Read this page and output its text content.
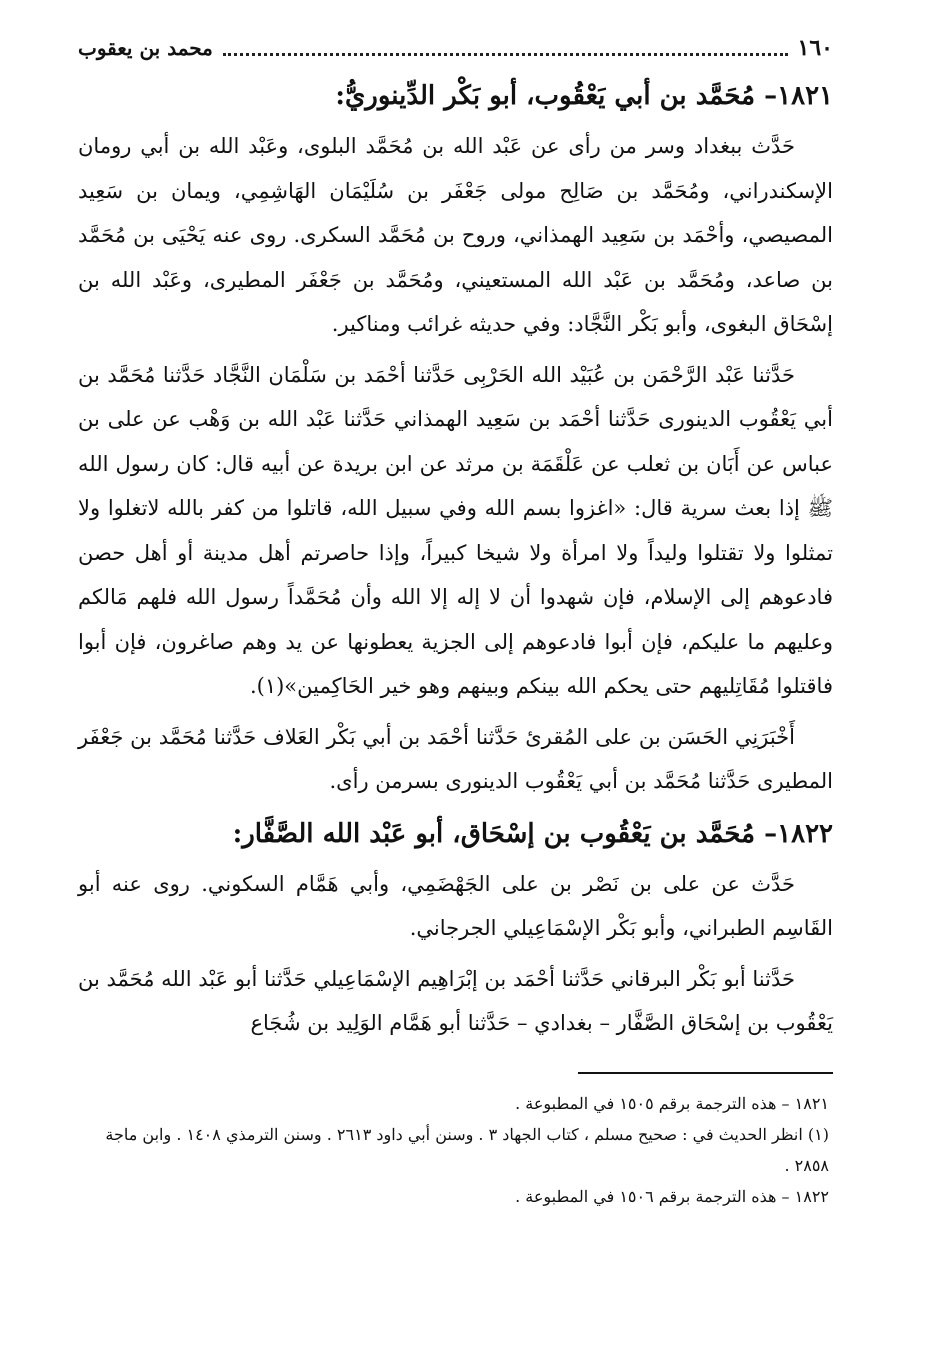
١٦٠
محمد بن يعقوب
١٨٢١– مُحَمَّد بن أبي يَعْقُوب، أبو بَكْر الدِّينوريُّ:

حَدَّث ببغداد وسر من رأى عن عَبْد الله بن مُحَمَّد البلوى، وعَبْد الله بن أبي رومان الإسكندراني، ومُحَمَّد بن صَالِح مولى جَعْفَر بن سُلَيْمَان الهَاشِمِي، ويمان بن سَعِيد المصيصي، وأحْمَد بن سَعِيد الهمذاني، وروح بن مُحَمَّد السكرى. روى عنه يَحْيَى بن مُحَمَّد بن صاعد، ومُحَمَّد بن عَبْد الله المستعيني، ومُحَمَّد بن جَعْفَر المطيرى، وعَبْد الله بن إسْحَاق البغوى، وأبو بَكْر النَّجَّاد: وفي حديثه غرائب ومناكير.

حَدَّثنا عَبْد الرَّحْمَن بن عُبَيْد الله الحَرْبِى حَدَّثنا أحْمَد بن سَلْمَان النَّجَّاد حَدَّثنا مُحَمَّد بن أبي يَعْقُوب الدينورى حَدَّثنا أحْمَد بن سَعِيد الهمذاني حَدَّثنا عَبْد الله بن وَهْب عن على بن عباس عن أَبَان بن ثعلب عن عَلْقَمَة بن مرثد عن ابن بريدة عن أبيه قال: كان رسول الله ﷺ إذا بعث سرية قال: «اغزوا بسم الله وفي سبيل الله، قاتلوا من كفر بالله لاتغلوا ولا تمثلوا ولا تقتلوا وليداً ولا امرأة ولا شيخا كبيراً، وإذا حاصرتم أهل مدينة أو أهل حصن فادعوهم إلى الإسلام، فإن شهدوا أن لا إله إلا الله وأن مُحَمَّداً رسول الله فلهم مَالكم وعليهم ما عليكم، فإن أبوا فادعوهم إلى الجزية يعطونها عن يد وهم صاغرون، فإن أبوا فاقتلوا مُقَاتِليهم حتى يحكم الله بينكم وبينهم وهو خير الحَاكِمين»(١).

أَخْبَرَنِي الحَسَن بن على المُقرئ حَدَّثنا أحْمَد بن أبي بَكْر العَلاف حَدَّثنا مُحَمَّد بن جَعْفَر المطيرى حَدَّثنا مُحَمَّد بن أبي يَعْقُوب الدينورى بسرمن رأى.

١٨٢٢– مُحَمَّد بن يَعْقُوب بن إسْحَاق، أبو عَبْد الله الصَّفَّار:

حَدَّث عن على بن نَصْر بن على الجَهْضَمِي، وأبي هَمَّام السكوني. روى عنه أبو القَاسِم الطبراني، وأبو بَكْر الإسْمَاعِيلي الجرجاني.

حَدَّثنا أبو بَكْر البرقاني حَدَّثنا أحْمَد بن إبْرَاهِيم الإسْمَاعِيلي حَدَّثنا أبو عَبْد الله مُحَمَّد بن يَعْقُوب بن إسْحَاق الصَّفَّار – بغدادي – حَدَّثنا أبو هَمَّام الوَلِيد بن شُجَاع

١٨٢١ – هذه الترجمة برقم ١٥٠٥ في المطبوعة .

(١) انظر الحديث في : صحيح مسلم ، كتاب الجهاد ٣ . وسنن أبي داود ٢٦١٣ . وسنن الترمذي ١٤٠٨ . وابن ماجة ٢٨٥٨ .

١٨٢٢ – هذه الترجمة برقم ١٥٠٦ في المطبوعة .
